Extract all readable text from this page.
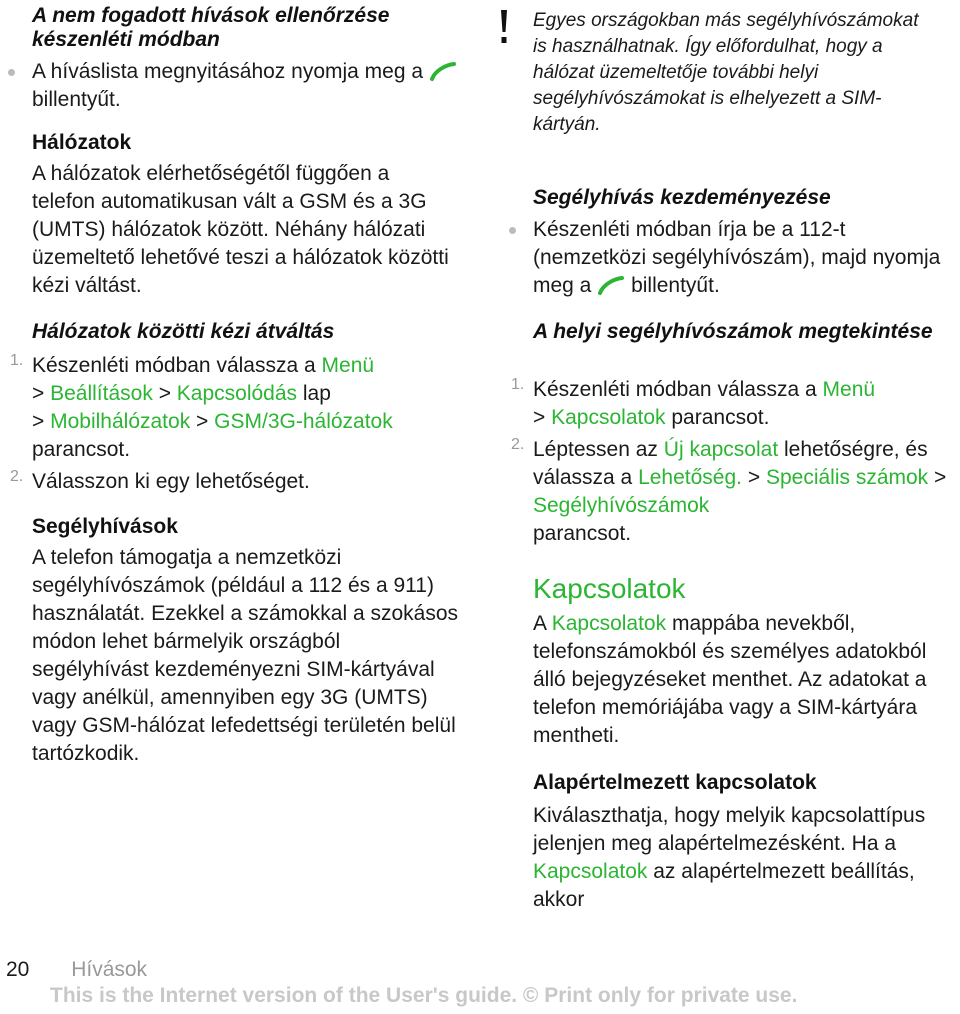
A nem fogadott hívások ellenőrzése készenléti módban

A híváslista megnyitásához nyomja meg a  billentyűt.

Hálózatok

A hálózatok elérhetőségétől függően a telefon automatikusan vált a GSM és a 3G (UMTS) hálózatok között. Néhány hálózati üzemeltető lehetővé teszi a hálózatok közötti kézi váltást.

Hálózatok közötti kézi átváltás
1. Készenléti módban válassza a Menü
> Beállítások > Kapcsolódás lap
> Mobilhálózatok > GSM/3G-hálózatok
parancsot.

2. Válasszon ki egy lehetőséget.

Segélyhívások

A telefon támogatja a nemzetközi segélyhívószámok (például a 112 és a 911) használatát. Ezekkel a számokkal a szokásos módon lehet bármelyik országból segélyhívást kezdeményezni SIM-kártyával vagy anélkül, amennyiben egy 3G (UMTS) vagy GSM-hálózat lefedettségi területén belül tartózkodik.

Egyes országokban más segélyhívószámokat is használhatnak. Így előfordulhat, hogy a hálózat üzemeltetője további helyi segélyhívószámokat is elhelyezett a SIM-kártyán.

Segélyhívás kezdeményezése

Készenléti módban írja be a 112-t (nemzetközi segélyhívószám), majd nyomja meg a billentyűt.

A helyi segélyhívószámok megtekintése
1. Készenléti módban válassza a Menü
> Kapcsolatok parancsot.

2. Léptessen az Új kapcsolat lehetőségre, és válassza a Lehetőség. > Speciális számok > Segélyhívószámok
parancsot.

Kapcsolatok

A Kapcsolatok mappába nevekből, telefonszámokból és személyes adatokból álló bejegyzéseket menthet. Az adatokat a telefon memóriájába vagy a SIM-kártyára mentheti.

Alapértelmezett kapcsolatok

Kiválaszthatja, hogy melyik kapcsolattípus jelenjen meg alapértelmezésként. Ha a Kapcsolatok az alapértelmezett beállítás, akkor

20 Hívások
This is the Internet version of the User's guide. © Print only for private use.
